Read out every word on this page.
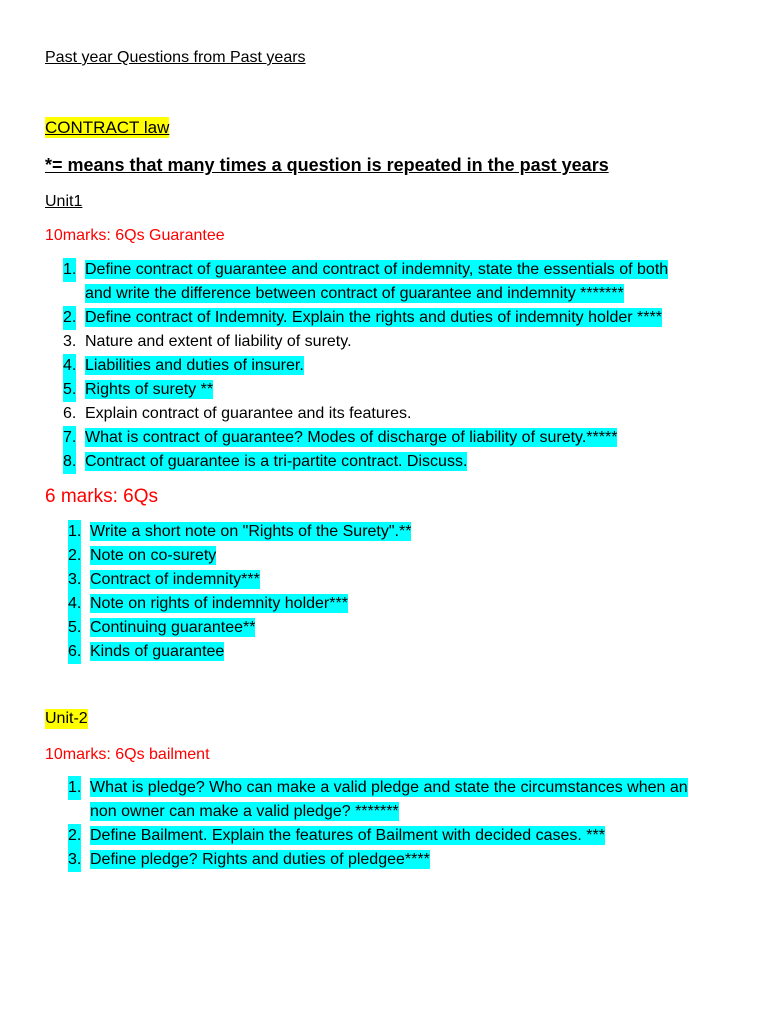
Past year Questions from Past years
CONTRACT law
*= means that many times a question is repeated in the past years
Unit1
10marks: 6Qs Guarantee
1. Define contract of guarantee and contract of indemnity, state the essentials of both
and write the difference between contract of guarantee and indemnity *******
2. Define contract of Indemnity. Explain the rights and duties of indemnity holder ****
3. Nature and extent of liability of surety.
4. Liabilities and duties of insurer.
5. Rights of surety **
6. Explain contract of guarantee and its features.
7. What is contract of guarantee? Modes of discharge of liability of surety.*****
8. Contract of guarantee is a tri-partite contract. Discuss.
6 marks: 6Qs
1. Write a short note on "Rights of the Surety".**
2. Note on co-surety
3. Contract of indemnity***
4. Note on rights of indemnity holder***
5. Continuing guarantee**
6. Kinds of guarantee
Unit-2
10marks: 6Qs bailment
1. What is pledge? Who can make a valid pledge and state the circumstances when an
non owner can make a valid pledge? *******
2. Define Bailment. Explain the features of Bailment with decided cases. ***
3. Define pledge? Rights and duties of pledgee****
